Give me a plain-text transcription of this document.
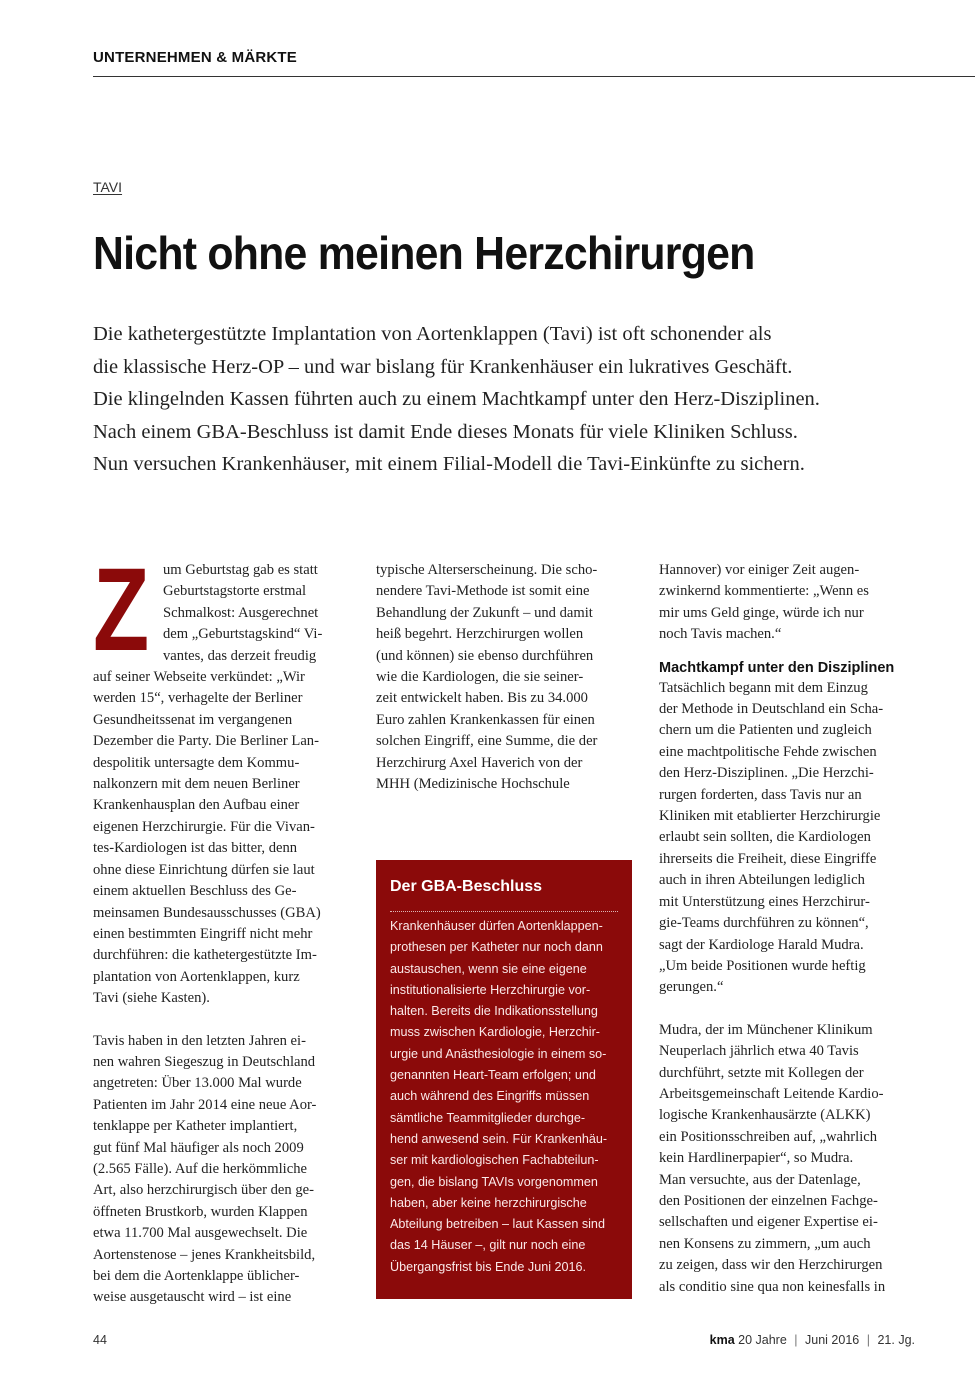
UNTERNEHMEN & MÄRKTE
TAVI
Nicht ohne meinen Herzchirurgen
Die kathetergestützte Implantation von Aortenklappen (Tavi) ist oft schonender als
die klassische Herz-OP – und war bislang für Krankenhäuser ein lukratives Geschäft.
Die klingelnden Kassen führten auch zu einem Machtkampf unter den Herz-Disziplinen.
Nach einem GBA-Beschluss ist damit Ende dieses Monats für viele Kliniken Schluss.
Nun versuchen Krankenhäuser, mit einem Filial-Modell die Tavi-Einkünfte zu sichern.
Z um Geburtstag gab es statt
Geburtstagstorte erstmal
Schmalkost: Ausgerechnet
dem „Geburtstagskind“ Vi-
vantes, das derzeit freudig
auf seiner Webseite verkündet: „Wir
werden 15“, verhagelte der Berliner
Gesundheitssenat im vergangenen
Dezember die Party. Die Berliner Lan-
despolitik untersagte dem Kommu-
nalkonzern mit dem neuen Berliner
Krankenhausplan den Aufbau einer
eigenen Herzchirurgie. Für die Vivan-
tes-Kardiologen ist das bitter, denn
ohne diese Einrichtung dürfen sie laut
einem aktuellen Beschluss des Ge-
meinsamen Bundesausschusses (GBA)
einen bestimmten Eingriff nicht mehr
durchführen: die kathetergestützte Im-
plantation von Aortenklappen, kurz
Tavi (siehe Kasten).
Tavis haben in den letzten Jahren ei-
nen wahren Siegeszug in Deutschland
angetreten: Über 13.000 Mal wurde
Patienten im Jahr 2014 eine neue Aor-
tenklappe per Katheter implantiert,
gut fünf Mal häufiger als noch 2009
(2.565 Fälle). Auf die herkömmliche
Art, also herzchirurgisch über den ge-
öffneten Brustkorb, wurden Klappen
etwa 11.700 Mal ausgewechselt. Die
Aortenstenose – jenes Krankheitsbild,
bei dem die Aortenklappe üblicher-
weise ausgetauscht wird – ist eine
typische Alterserscheinung. Die scho-
nendere Tavi-Methode ist somit eine
Behandlung der Zukunft – und damit
heiß begehrt. Herzchirurgen wollen
(und können) sie ebenso durchführen
wie die Kardiologen, die sie seiner-
zeit entwickelt haben. Bis zu 34.000
Euro zahlen Krankenkassen für einen
solchen Eingriff, eine Summe, die der
Herzchirurg Axel Haverich von der
MHH (Medizinische Hochschule
Der GBA-Beschluss
Krankenhäuser dürfen Aortenklappen-
prothesen per Katheter nur noch dann
austauschen, wenn sie eine eigene
institutionalisierte Herzchirurgie vor-
halten. Bereits die Indikationsstellung
muss zwischen Kardiologie, Herzchir-
urgie und Anästhesiologie in einem so-
genannten Heart-Team erfolgen; und
auch während des Eingriffs müssen
sämtliche Teammitglieder durchge-
hend anwesend sein. Für Krankenhäu-
ser mit kardiologischen Fachabteilun-
gen, die bislang TAVIs vorgenommen
haben, aber keine herzchirurgische
Abteilung betreiben – laut Kassen sind
das 14 Häuser –, gilt nur noch eine
Übergangsfrist bis Ende Juni 2016.
Hannover) vor einiger Zeit augen-
zwinkernd kommentierte: „Wenn es
mir ums Geld ginge, würde ich nur
noch Tavis machen.“
Machtkampf unter den Disziplinen
Tatsächlich begann mit dem Einzug
der Methode in Deutschland ein Scha-
chern um die Patienten und zugleich
eine machtpolitische Fehde zwischen
den Herz-Disziplinen. „Die Herzchi-
rurgen forderten, dass Tavis nur an
Kliniken mit etablierter Herzchirurgie
erlaubt sein sollten, die Kardiologen
ihrerseits die Freiheit, diese Eingriffe
auch in ihren Abteilungen lediglich
mit Unterstützung eines Herzchirur-
gie-Teams durchführen zu können“,
sagt der Kardiologe Harald Mudra.
„Um beide Positionen wurde heftig
gerungen.“
Mudra, der im Münchener Klinikum
Neuperlach jährlich etwa 40 Tavis
durchführt, setzte mit Kollegen der
Arbeitsgemeinschaft Leitende Kardio-
logische Krankenhausärzte (ALKK)
ein Positionsschreiben auf, „wahrlich
kein Hardlinerpapier“, so Mudra.
Man versuchte, aus der Datenlage,
den Positionen der einzelnen Fachge-
sellschaften und eigener Expertise ei-
nen Konsens zu zimmern, „um auch
zu zeigen, dass wir den Herzchirurgen
als conditio sine qua non keinesfalls in
44	kma 20 Jahre | Juni 2016 | 21. Jg.
